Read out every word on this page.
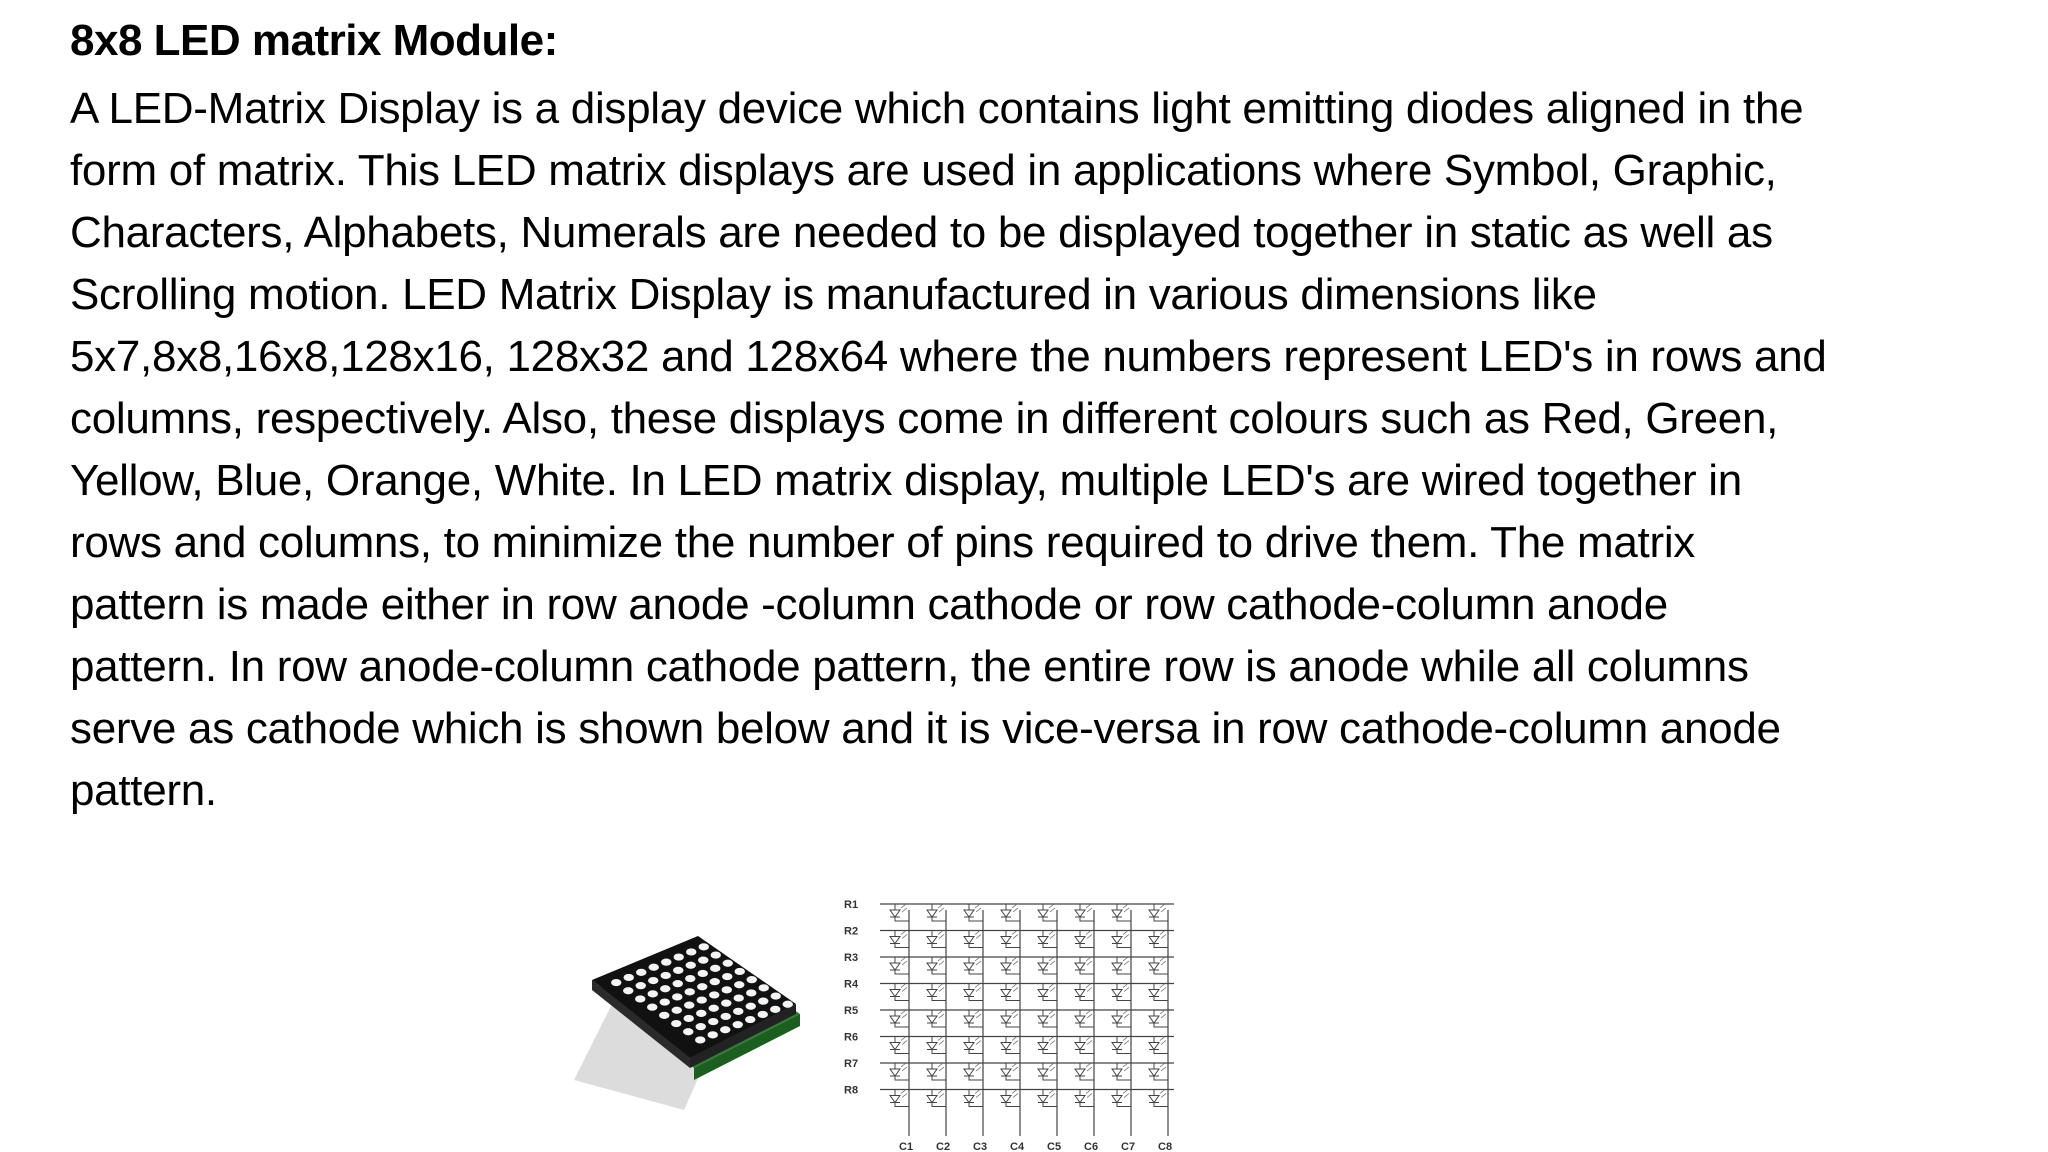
8x8 LED matrix Module:
A LED-Matrix Display is a display device which contains light emitting diodes aligned in the
form of matrix. This LED matrix displays are used in applications where Symbol, Graphic,
Characters, Alphabets, Numerals are needed to be displayed together in static as well as
Scrolling motion. LED Matrix Display is manufactured in various dimensions like
5x7,8x8,16x8,128x16, 128x32 and 128x64 where the numbers represent LED's in rows and
columns, respectively. Also, these displays come in different colours such as Red, Green,
Yellow, Blue, Orange, White. In LED matrix display, multiple LED's are wired together in
rows and columns, to minimize the number of pins required to drive them. The matrix
pattern is made either in row anode -column cathode or row cathode-column anode
pattern. In row anode-column cathode pattern, the entire row is anode while all columns
serve as cathode which is shown below and it is vice-versa in row cathode-column anode
pattern.
R1
R2
R3
R4
R5
R6
R7
R8
C1 C2 C3 C4 C5 C6 C7 C8
